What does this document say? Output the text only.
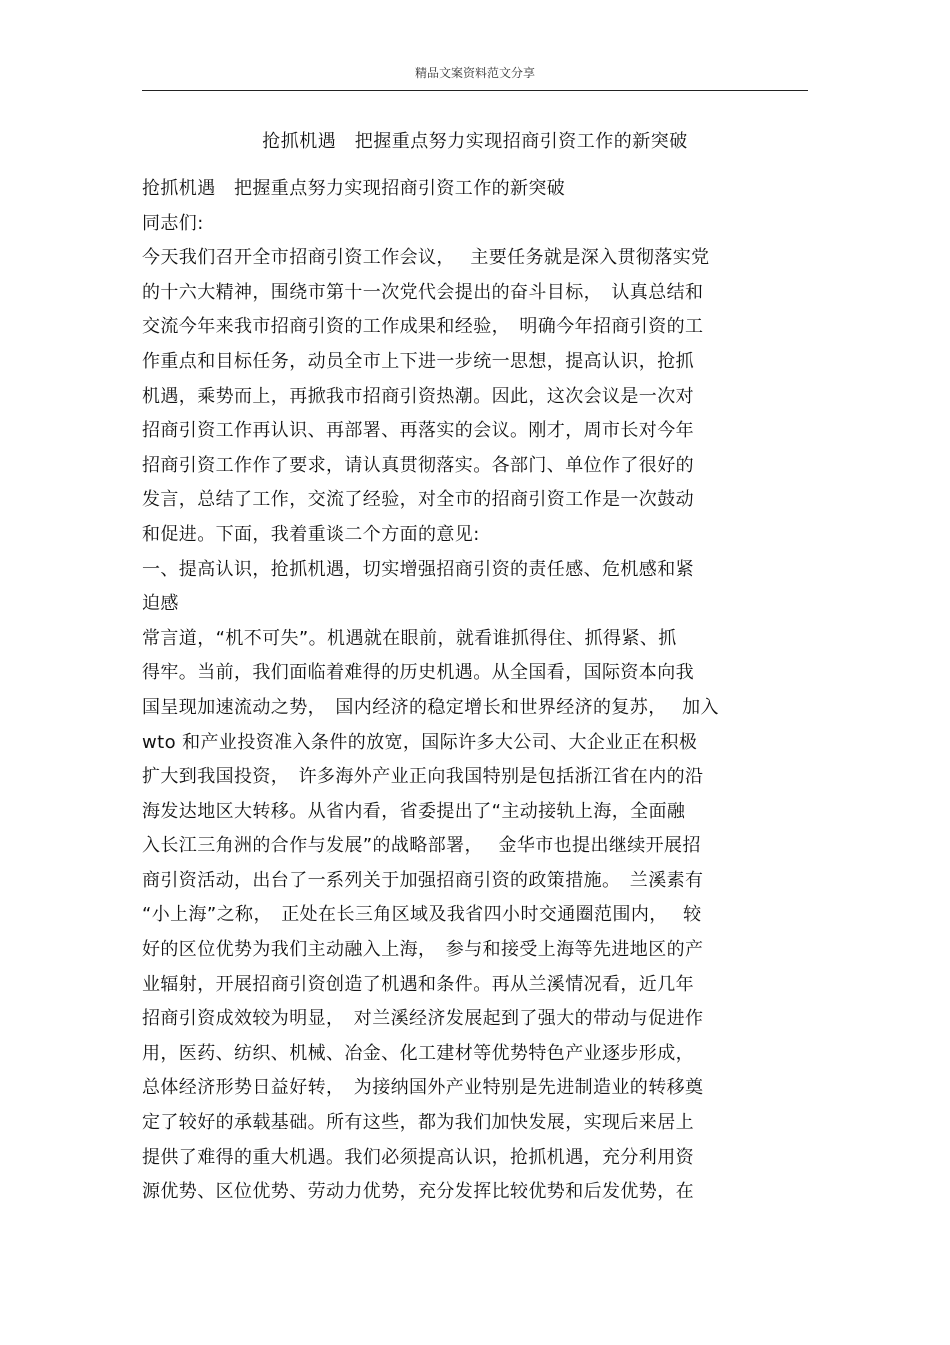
精品文案资料范文分享
抢抓机遇　把握重点努力实现招商引资工作的新突破
抢抓机遇　把握重点努力实现招商引资工作的新突破
同志们:
今天我们召开全市招商引资工作会议，　 主要任务就是深入贯彻落实党
的十六大精神，围绕市第十一次党代会提出的奋斗目标，　认真总结和
交流今年来我市招商引资的工作成果和经验，　明确今年招商引资的工
作重点和目标任务，动员全市上下进一步统一思想，提高认识，抢抓
机遇，乘势而上，再掀我市招商引资热潮。因此，这次会议是一次对
招商引资工作再认识、再部署、再落实的会议。刚才，周市长对今年
招商引资工作作了要求，请认真贯彻落实。各部门、单位作了很好的
发言，总结了工作，交流了经验，对全市的招商引资工作是一次鼓动
和促进。下面，我着重谈二个方面的意见:
一、提高认识，抢抓机遇，切实增强招商引资的责任感、危机感和紧
迫感
常言道，“机不可失”。机遇就在眼前，就看谁抓得住、抓得紧、抓
得牢。当前，我们面临着难得的历史机遇。从全国看，国际资本向我
国呈现加速流动之势，　国内经济的稳定增长和世界经济的复苏，　 加入
wto 和产业投资准入条件的放宽，国际许多大公司、大企业正在积极
扩大到我国投资，　许多海外产业正向我国特别是包括浙江省在内的沿
海发达地区大转移。从省内看，省委提出了“主动接轨上海，全面融
入长江三角洲的合作与发展”的战略部署，　 金华市也提出继续开展招
商引资活动，出台了一系列关于加强招商引资的政策措施。　兰溪素有
“小上海”之称，　正处在长三角区域及我省四小时交通圈范围内，　 较
好的区位优势为我们主动融入上海，　参与和接受上海等先进地区的产
业辐射，开展招商引资创造了机遇和条件。再从兰溪情况看，近几年
招商引资成效较为明显，　对兰溪经济发展起到了强大的带动与促进作
用，医药、纺织、机械、冶金、化工建材等优势特色产业逐步形成，
总体经济形势日益好转，　为接纳国外产业特别是先进制造业的转移奠
定了较好的承载基础。所有这些，都为我们加快发展，实现后来居上
提供了难得的重大机遇。我们必须提高认识，抢抓机遇，充分利用资
源优势、区位优势、劳动力优势，充分发挥比较优势和后发优势，在
